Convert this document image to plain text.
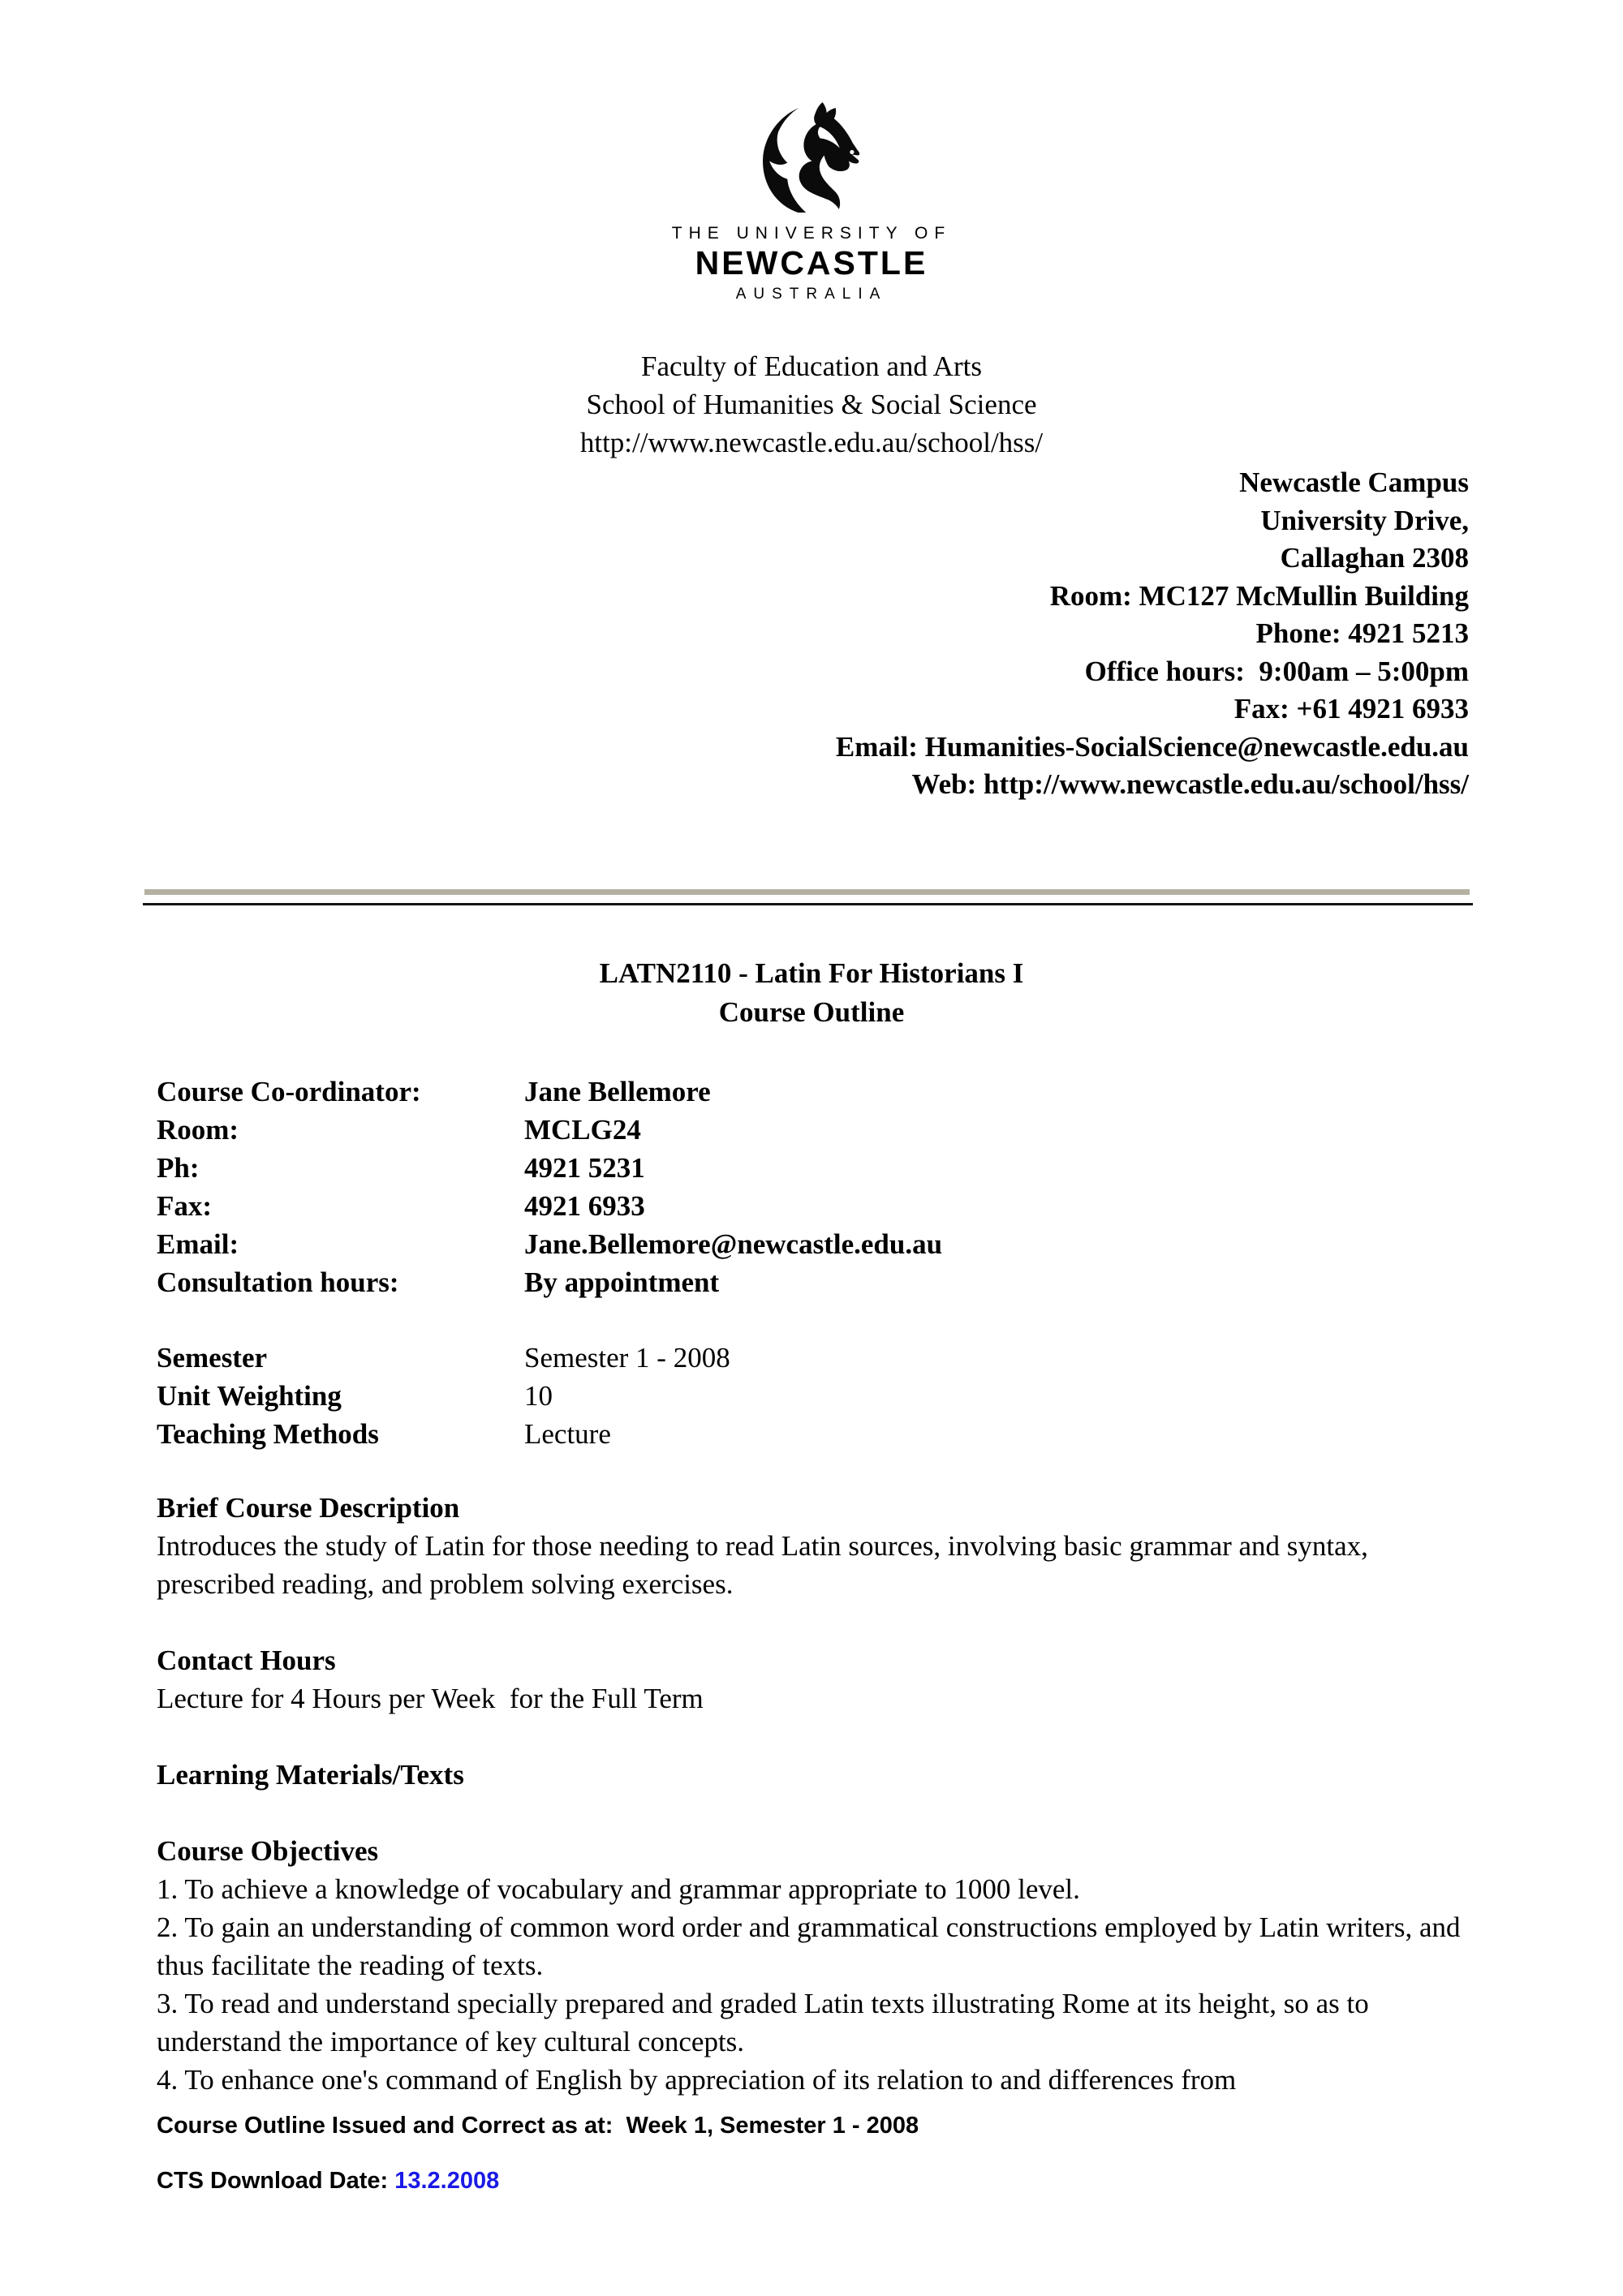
THE UNIVERSITY OF
NEWCASTLE
AUSTRALIA
Faculty of Education and Arts
School of Humanities & Social Science
http://www.newcastle.edu.au/school/hss/
Newcastle Campus
University Drive,
Callaghan 2308
Room: MC127 McMullin Building
Phone: 4921 5213
Office hours:  9:00am – 5:00pm
Fax: +61 4921 6933
Email: Humanities-SocialScience@newcastle.edu.au
Web: http://www.newcastle.edu.au/school/hss/
LATN2110 - Latin For Historians I
Course Outline
Course Co-ordinator:	Jane Bellemore
Room:	MCLG24
Ph:	4921 5231
Fax:	4921 6933
Email:	Jane.Bellemore@newcastle.edu.au
Consultation hours:	By appointment
Semester	Semester 1 - 2008
Unit Weighting	10
Teaching Methods	Lecture
Brief Course Description

Introduces the study of Latin for those needing to read Latin sources, involving basic grammar and syntax, prescribed reading, and problem solving exercises.

Contact Hours

Lecture for 4 Hours per Week  for the Full Term

Learning Materials/Texts

Course Objectives

1. To achieve a knowledge of vocabulary and grammar appropriate to 1000 level.

2. To gain an understanding of common word order and grammatical constructions employed by Latin writers, and thus facilitate the reading of texts.

3. To read and understand specially prepared and graded Latin texts illustrating Rome at its height, so as to understand the importance of key cultural concepts.

4. To enhance one's command of English by appreciation of its relation to and differences from

Course Outline Issued and Correct as at:  Week 1, Semester 1 - 2008
CTS Download Date: 13.2.2008
